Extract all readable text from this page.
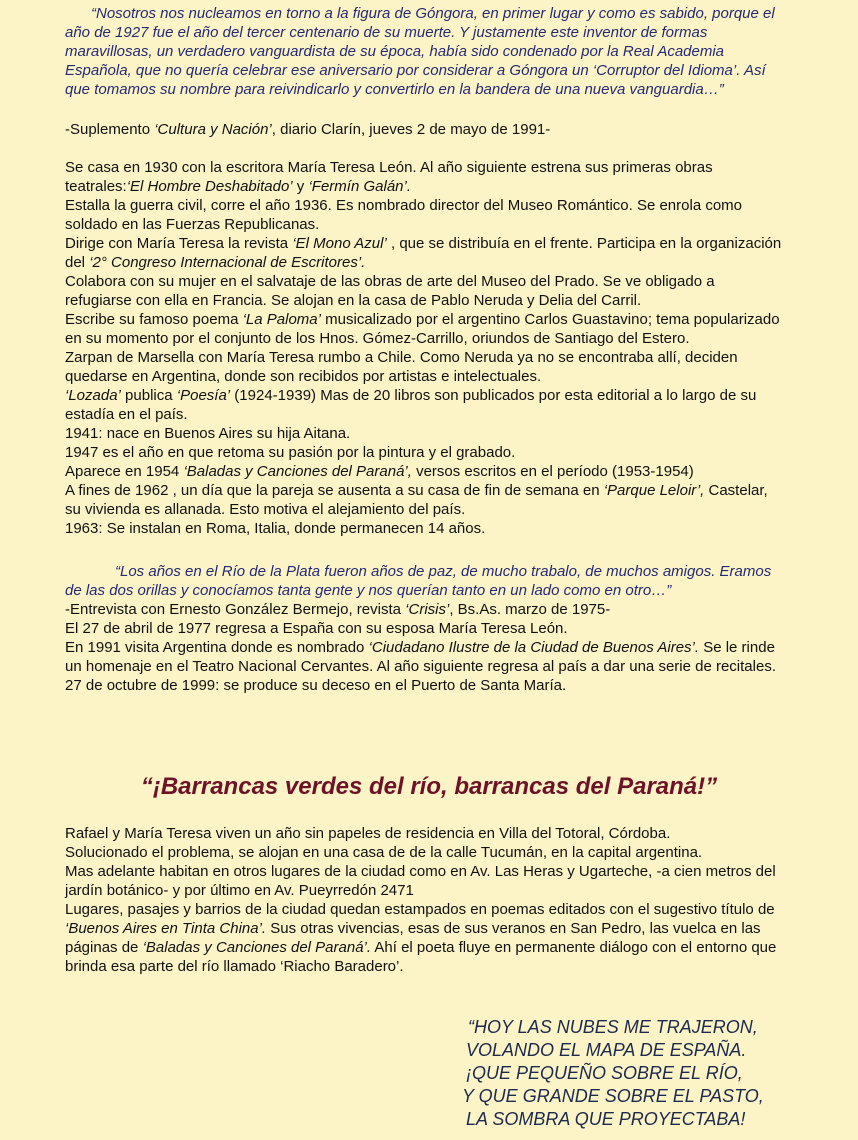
“Nosotros nos nucleamos en torno a la figura de Góngora, en primer lugar y como es sabido, porque el año de 1927 fue el año del tercer centenario de su muerte. Y justamente este inventor de formas maravillosas, un verdadero vanguardista de su época, había sido condenado por la Real Academia Española, que no quería celebrar ese aniversario por considerar a Góngora un ‘Corruptor del Idioma’. Así que tomamos su nombre para reivindicarlo y convertirlo en la bandera de una nueva vanguardia…”

-Suplemento ‘Cultura y Nación’, diario Clarín, jueves 2 de mayo de 1991-

Se casa en 1930 con la escritora María Teresa León. Al año siguiente estrena sus primeras obras teatrales:‘El Hombre Deshabitado’ y ‘Fermín Galán’.

Estalla la guerra civil, corre el año 1936. Es nombrado director del Museo Romántico. Se enrola como soldado en las Fuerzas Republicanas.

Dirige con María Teresa la revista ‘El Mono Azul’ , que se distribuía en el frente. Participa en la organización del ‘2° Congreso Internacional de Escritores’.

Colabora con su mujer en el salvataje de las obras de arte del Museo del Prado. Se ve obligado a refugiarse con ella en Francia. Se alojan en la casa de Pablo Neruda y Delia del Carril.

Escribe su famoso poema ‘La Paloma’ musicalizado por el argentino Carlos Guastavino; tema popularizado en su momento por el conjunto de los Hnos. Gómez-Carrillo, oriundos de Santiago del Estero.

Zarpan de Marsella con María Teresa rumbo a Chile. Como Neruda ya no se encontraba allí, deciden quedarse en Argentina, donde son recibidos por artistas e intelectuales.

‘Lozada’ publica ‘Poesía’ (1924-1939) Mas de 20 libros son publicados por esta editorial a lo largo de su estadía en el país.

1941: nace en Buenos Aires su hija Aitana.

1947 es el año en que retoma su pasión por la pintura y el grabado.

Aparece en 1954 ‘Baladas y Canciones del Paraná’, versos escritos en el período (1953-1954)

A fines de 1962 , un día que la pareja se ausenta a su casa de fin de semana en ‘Parque Leloir’, Castelar, su vivienda es allanada. Esto motiva el alejamiento del país.

1963: Se instalan en Roma, Italia, donde permanecen 14 años.

“Los años en el Río de la Plata fueron años de paz, de mucho trabalo, de muchos amigos. Eramos de las dos orillas y conocíamos tanta gente y nos querían tanto en un lado como en otro…”

-Entrevista con Ernesto González Bermejo, revista ‘Crisis’, Bs.As. marzo de 1975-

El 27 de abril de 1977 regresa a España con su esposa María Teresa León.

En 1991 visita Argentina donde es nombrado ‘Ciudadano Ilustre de la Ciudad de Buenos Aires’. Se le rinde un homenaje en el Teatro Nacional Cervantes. Al año siguiente regresa al país a dar una serie de recitales.

27 de octubre de 1999: se produce su deceso en el Puerto de Santa María.

“¡Barrancas verdes del río, barrancas del Paraná!”

Rafael y María Teresa viven un año sin papeles de residencia en Villa del Totoral, Córdoba.

Solucionado el problema, se alojan en una casa de de la calle Tucumán, en la capital argentina.

Mas adelante habitan en otros lugares de la ciudad como en Av. Las Heras y Ugarteche, -a cien metros del jardín botánico- y por último en Av. Pueyrredón 2471

Lugares, pasajes y barrios de la ciudad quedan estampados en poemas editados con el sugestivo título de ‘Buenos Aires en Tinta China’. Sus otras vivencias, esas de sus veranos en San Pedro, las vuelca en las páginas de ‘Baladas y Canciones del Paraná’. Ahí el poeta fluye en permanente diálogo con el entorno que brinda esa parte del río llamado ‘Riacho Baradero’.

“HOY LAS NUBES ME TRAJERON,

VOLANDO EL MAPA DE ESPAÑA.

¡QUE PEQUEÑO SOBRE EL RÍO,

Y QUE GRANDE SOBRE EL PASTO,

LA SOMBRA QUE PROYECTABA!
